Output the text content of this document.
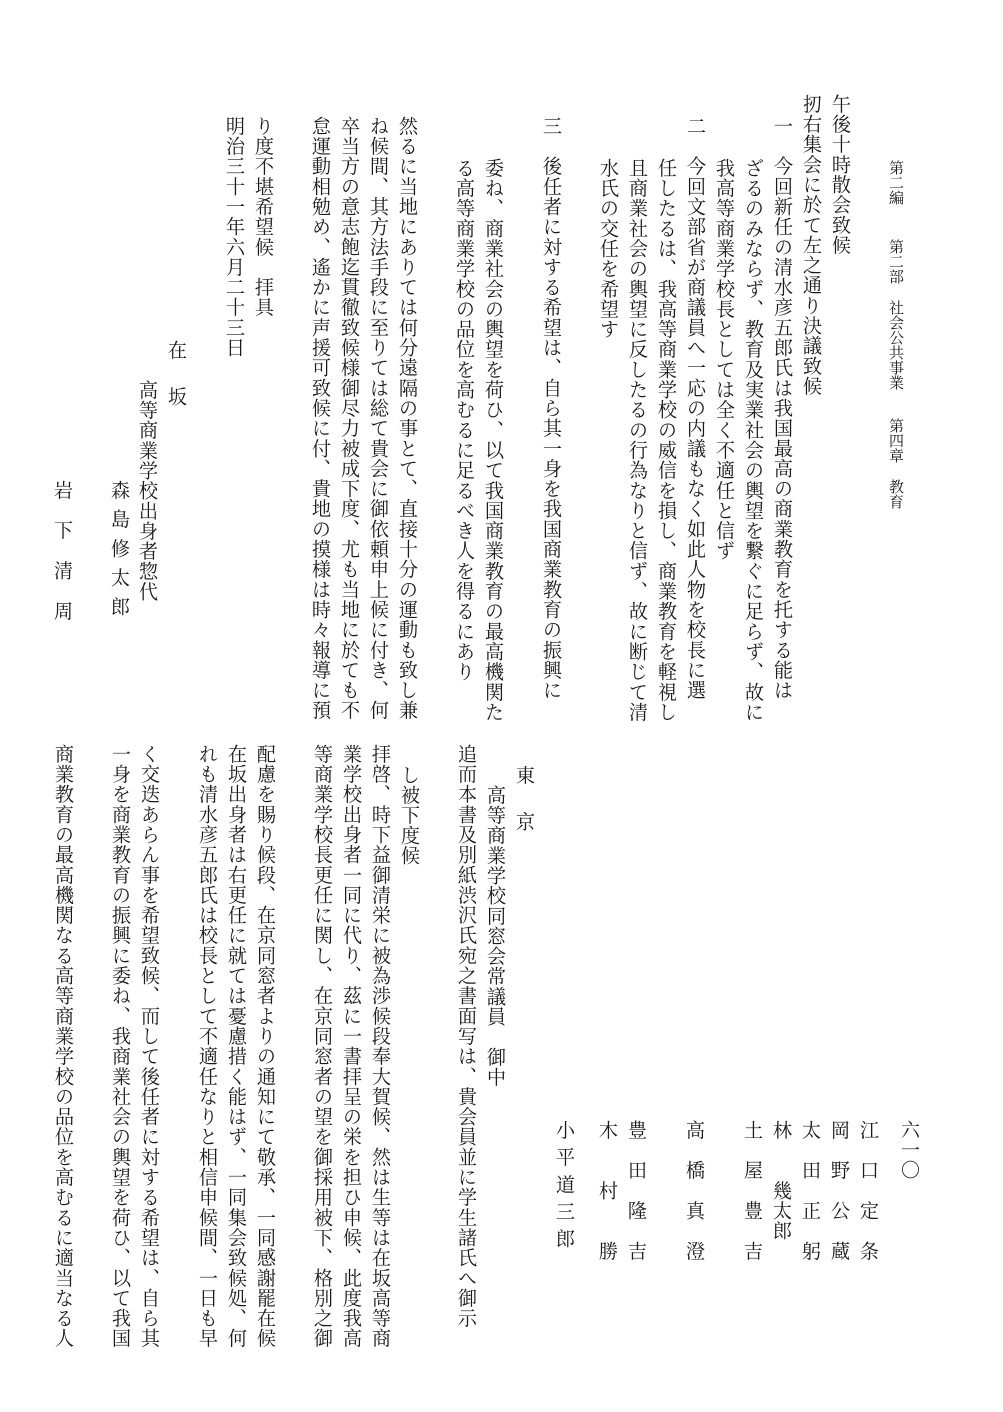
第二編第二部社会公共事業第四章教育
六一〇
午後十時散会致候
扨右集会に於て左之通り決議致候
一　今回新任の清水彦五郎氏は我国最高の商業教育を托する能は
ざるのみならず、教育及実業社会の輿望を繋ぐに足らず、故に
我高等商業学校長としては全く不適任と信ず
二　今回文部省が商議員へ一応の内議もなく如此人物を校長に選
任したるは、我高等商業学校の威信を損し、商業教育を軽視し
且商業社会の輿望に反したるの行為なりと信ず、故に断じて清
水氏の交任を希望す
三　後任者に対する希望は、自ら其一身を我国商業教育の振興に
委ね、商業社会の輿望を荷ひ、以て我国商業教育の最高機関た
る高等商業学校の品位を高むるに足るべき人を得るにあり
然るに当地にありては何分遠隔の事とて、直接十分の運動も致し兼
ね候間、其方法手段に至りては総て貴会に御依頼申上候に付き、何
卒当方の意志飽迄貫徹致候様御尽力被成下度、尤も当地に於ても不
怠運動相勉め、遙かに声援可致候に付、貴地の摸様は時々報導に預
り度不堪希望候　拝具
明治三十一年六月二十三日
在　坂
高等商業学校出身者惣代
森島修太郎
岩　下　清　周
江　口　定　条
岡　野　公　蔵
太　田　正　躬
林　　幾太郎
土　屋　豊　吉
高　橋　真　澄
豊　田　隆　吉
木　　村　　勝
小平道三郎
東　京
高等商業学校同窓会常議員　御中
追而本書及別紙渋沢氏宛之書面写は、貴会員並に学生諸氏へ御示
し被下度候
拝啓、時下益御清栄に被為渉候段奉大賀候、然は生等は在坂高等商
業学校出身者一同に代り、茲に一書拝呈の栄を担ひ申候、此度我高
等商業学校長更任に関し、在京同窓者の望を御採用被下、格別之御
配慮を賜り候段、在京同窓者よりの通知にて敬承、一同感謝罷在候
在坂出身者は右更任に就ては憂慮措く能はず、一同集会致候処、何
れも清水彦五郎氏は校長として不適任なりと相信申候間、一日も早
く交迭あらん事を希望致候、而して後任者に対する希望は、自ら其
一身を商業教育の振興に委ね、我商業社会の輿望を荷ひ、以て我国
商業教育の最高機関なる高等商業学校の品位を高むるに適当なる人
